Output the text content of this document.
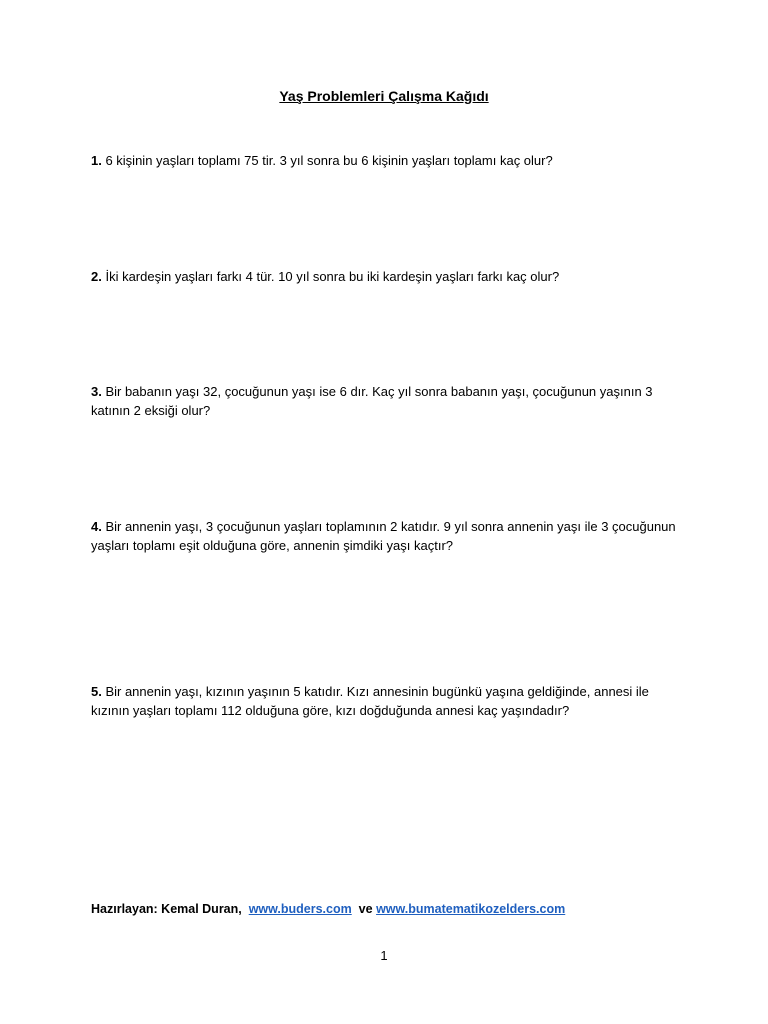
Yaş Problemleri Çalışma Kağıdı
1. 6 kişinin yaşları toplamı 75 tir. 3 yıl sonra bu 6 kişinin yaşları toplamı kaç olur?
2. İki kardeşin yaşları farkı 4 tür. 10 yıl sonra bu iki kardeşin yaşları farkı kaç olur?
3. Bir babanın yaşı 32, çocuğunun yaşı ise 6 dır. Kaç yıl sonra babanın yaşı, çocuğunun yaşının 3 katının 2 eksiği olur?
4. Bir annenin yaşı, 3 çocuğunun yaşları toplamının 2 katıdır. 9 yıl sonra annenin yaşı ile 3 çocuğunun yaşları toplamı eşit olduğuna göre, annenin şimdiki yaşı kaçtır?
5. Bir annenin yaşı, kızının yaşının 5 katıdır. Kızı annesinin bugünkü yaşına geldiğinde, annesi ile kızının yaşları toplamı 112 olduğuna göre, kızı doğduğunda annesi kaç yaşındadır?
Hazırlayan: Kemal Duran,  www.buders.com  ve www.bumatematikozelders.com
1
